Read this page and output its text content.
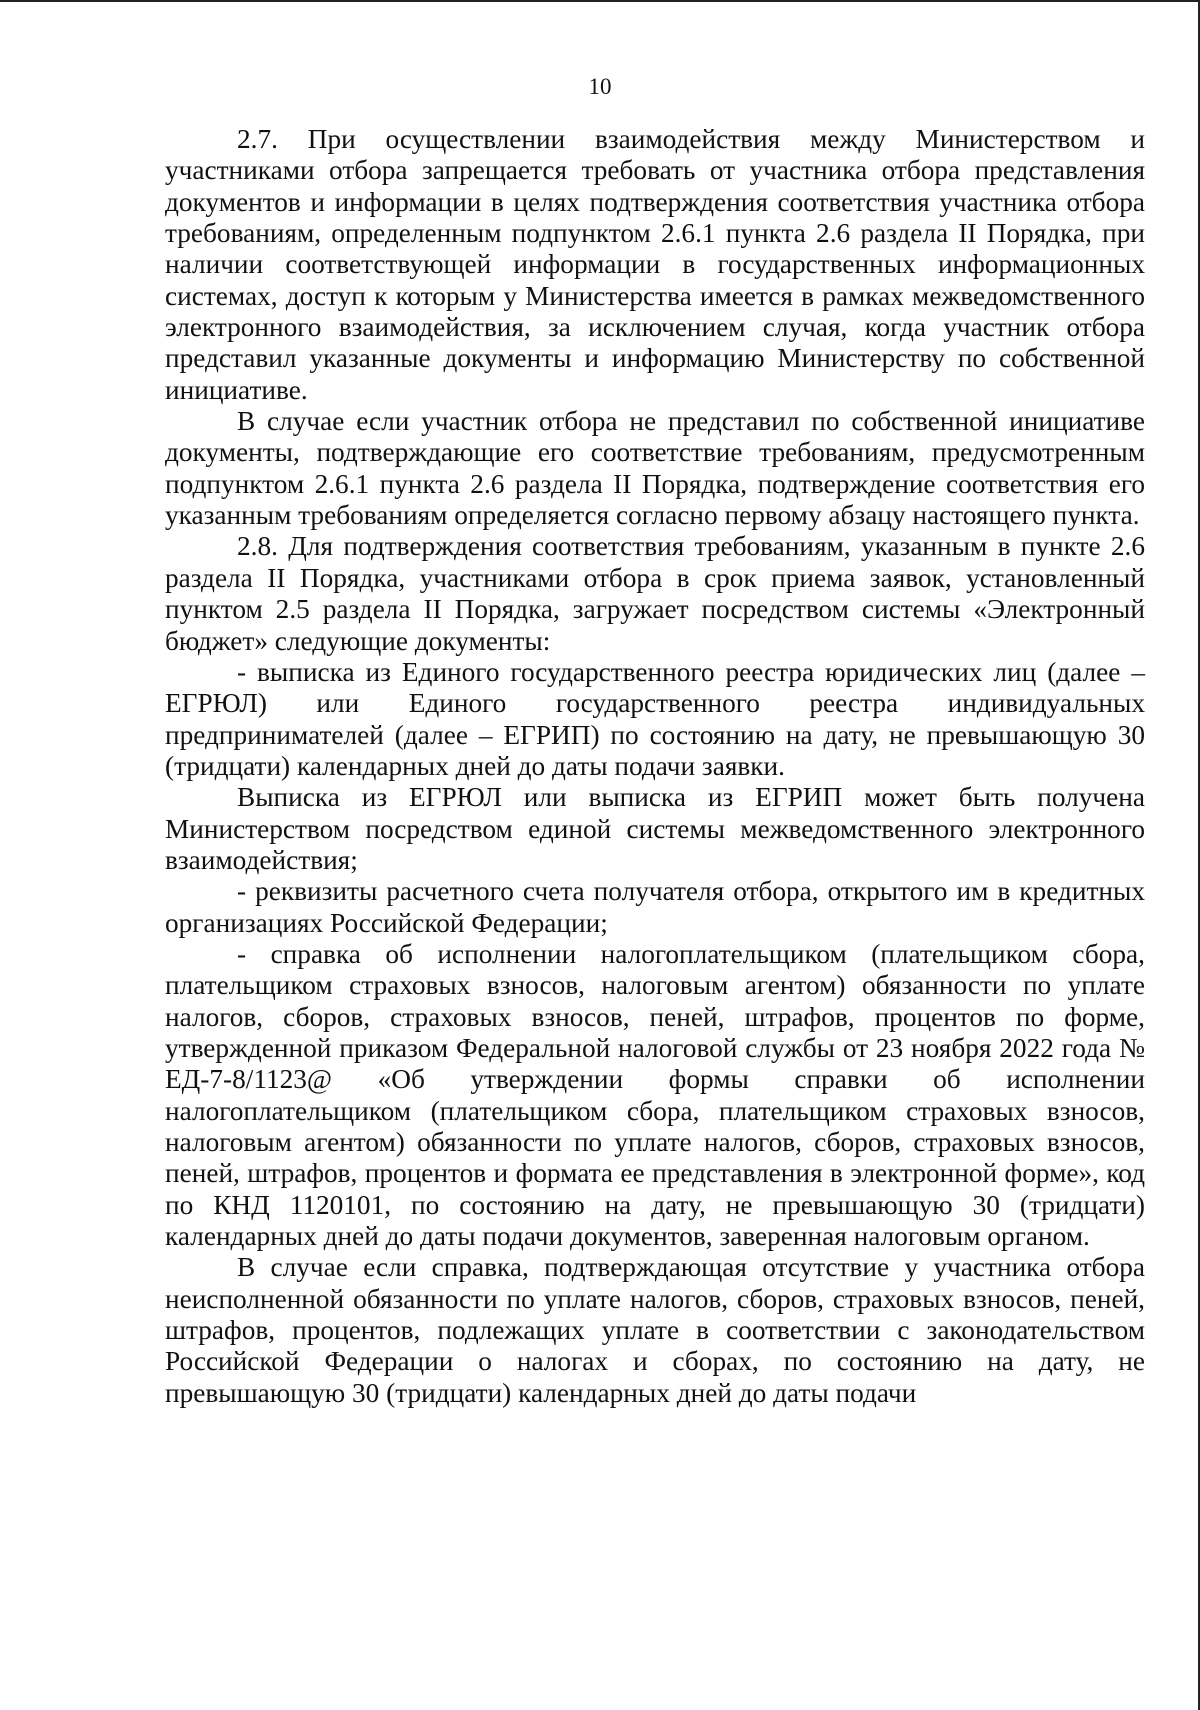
10

2.7. При осуществлении взаимодействия между Министерством и участниками отбора запрещается требовать от участника отбора представления документов и информации в целях подтверждения соответствия участника отбора требованиям, определенным подпунктом 2.6.1 пункта 2.6 раздела II Порядка, при наличии соответствующей информации в государственных информационных системах, доступ к которым у Министерства имеется в рамках межведомственного электронного взаимодействия, за исключением случая, когда участник отбора представил указанные документы и информацию Министерству по собственной инициативе.

В случае если участник отбора не представил по собственной инициативе документы, подтверждающие его соответствие требованиям, предусмотренным подпунктом 2.6.1 пункта 2.6 раздела II Порядка, подтверждение соответствия его указанным требованиям определяется согласно первому абзацу настоящего пункта.

2.8. Для подтверждения соответствия требованиям, указанным в пункте 2.6 раздела II Порядка, участниками отбора в срок приема заявок, установленный пунктом 2.5 раздела II Порядка, загружает посредством системы «Электронный бюджет» следующие документы:

- выписка из Единого государственного реестра юридических лиц (далее – ЕГРЮЛ) или Единого государственного реестра индивидуальных предпринимателей (далее – ЕГРИП) по состоянию на дату, не превышающую 30 (тридцати) календарных дней до даты подачи заявки.

Выписка из ЕГРЮЛ или выписка из ЕГРИП может быть получена Министерством посредством единой системы межведомственного электронного взаимодействия;

- реквизиты расчетного счета получателя отбора, открытого им в кредитных организациях Российской Федерации;

- справка об исполнении налогоплательщиком (плательщиком сбора, плательщиком страховых взносов, налоговым агентом) обязанности по уплате налогов, сборов, страховых взносов, пеней, штрафов, процентов по форме, утвержденной приказом Федеральной налоговой службы от 23 ноября 2022 года № ЕД-7-8/1123@ «Об утверждении формы справки об исполнении налогоплательщиком (плательщиком сбора, плательщиком страховых взносов, налоговым агентом) обязанности по уплате налогов, сборов, страховых взносов, пеней, штрафов, процентов и формата ее представления в электронной форме», код по КНД 1120101, по состоянию на дату, не превышающую 30 (тридцати) календарных дней до даты подачи документов, заверенная налоговым органом.

В случае если справка, подтверждающая отсутствие у участника отбора неисполненной обязанности по уплате налогов, сборов, страховых взносов, пеней, штрафов, процентов, подлежащих уплате в соответствии с законодательством Российской Федерации о налогах и сборах, по состоянию на дату, не превышающую 30 (тридцати) календарных дней до даты подачи
